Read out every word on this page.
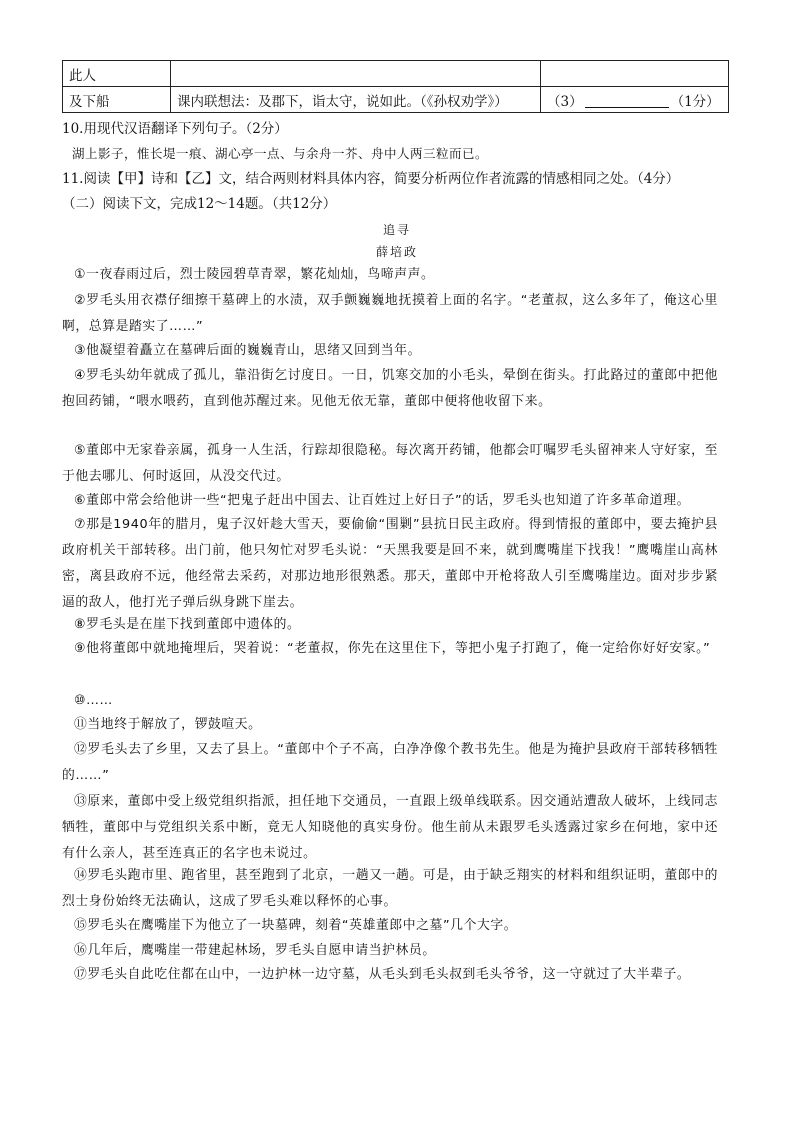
此人		
及下船	课内联想法：及郡下，诣太守，说如此。（《孙权劝学》）	（3） （1分）
10.用现代汉语翻译下列句子。（2分）
湖上影子，惟长堤一痕、湖心亭一点、与余舟一芥、舟中人两三粒而已。
11.阅读【甲】诗和【乙】文，结合两则材料具体内容，简要分析两位作者流露的情感相同之处。（4分）
（二）阅读下文，完成12～14题。（共12分）
追寻
薛培政

①一夜春雨过后，烈士陵园碧草青翠，繁花灿灿，鸟啼声声。

②罗毛头用衣襟仔细擦干墓碑上的水渍，双手颤巍巍地抚摸着上面的名字。“老董叔，这么多年了，俺这心里啊，总算是踏实了……”

③他凝望着矗立在墓碑后面的巍巍青山，思绪又回到当年。

④罗毛头幼年就成了孤儿，靠沿街乞讨度日。一日，饥寒交加的小毛头，晕倒在街头。打此路过的董郎中把他抱回药铺，“喂水喂药，直到他苏醒过来。见他无依无靠，董郎中便将他收留下来。

⑤董郎中无家眷亲属，孤身一人生活，行踪却很隐秘。每次离开药铺，他都会叮嘱罗毛头留神来人守好家，至于他去哪儿、何时返回，从没交代过。

⑥董郎中常会给他讲一些“把鬼子赶出中国去、让百姓过上好日子”的话，罗毛头也知道了许多革命道理。

⑦那是1940年的腊月，鬼子汉奸趁大雪天，要偷偷“围剿”县抗日民主政府。得到情报的董郎中，要去掩护县政府机关干部转移。出门前，他只匆忙对罗毛头说：“天黑我要是回不来，就到鹰嘴崖下找我！”鹰嘴崖山高林密，离县政府不远，他经常去采药，对那边地形很熟悉。那天，董郎中开枪将敌人引至鹰嘴崖边。面对步步紧逼的敌人，他打光子弹后纵身跳下崖去。

⑧罗毛头是在崖下找到董郎中遗体的。

⑨他将董郎中就地掩埋后，哭着说：“老董叔，你先在这里住下，等把小鬼子打跑了，俺一定给你好好安家。”

⑩……

⑪当地终于解放了，锣鼓喧天。

⑫罗毛头去了乡里，又去了县上。“董郎中个子不高，白净净像个教书先生。他是为掩护县政府干部转移牺牲的……”

⑬原来，董郎中受上级党组织指派，担任地下交通员，一直跟上级单线联系。因交通站遭敌人破坏，上线同志牺牲，董郎中与党组织关系中断，竟无人知晓他的真实身份。他生前从未跟罗毛头透露过家乡在何地，家中还有什么亲人，甚至连真正的名字也未说过。

⑭罗毛头跑市里、跑省里，甚至跑到了北京，一趟又一趟。可是，由于缺乏翔实的材料和组织证明，董郎中的烈士身份始终无法确认，这成了罗毛头难以释怀的心事。

⑮罗毛头在鹰嘴崖下为他立了一块墓碑，刻着“英雄董郎中之墓”几个大字。

⑯几年后，鹰嘴崖一带建起林场，罗毛头自愿申请当护林员。

⑰罗毛头自此吃住都在山中，一边护林一边守墓，从毛头到毛头叔到毛头爷爷，这一守就过了大半辈子。
